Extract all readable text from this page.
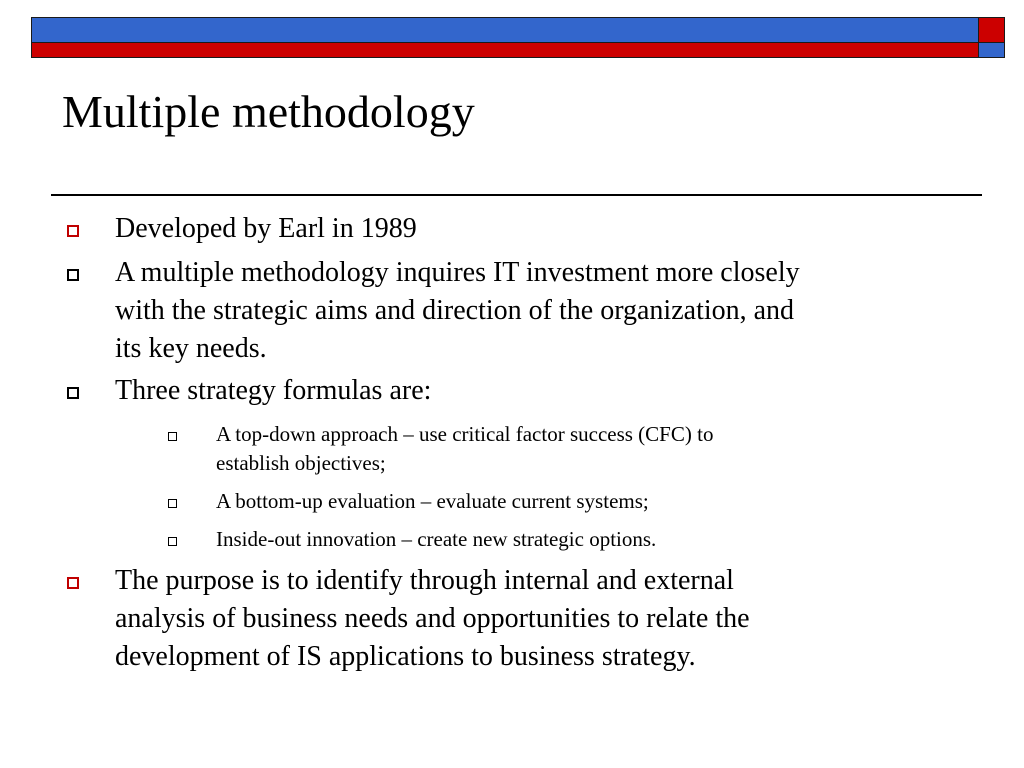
Multiple methodology
Developed by Earl in 1989
A multiple methodology inquires IT investment more closely
with the strategic aims and direction of the organization, and
its key needs.
Three strategy formulas are:
A top-down approach – use critical factor success (CFC) to
establish objectives;
A bottom-up evaluation – evaluate current systems;
Inside-out innovation – create new strategic options.
The purpose is to identify through internal and external
analysis of business needs and opportunities to relate the
development of IS applications to business strategy.
